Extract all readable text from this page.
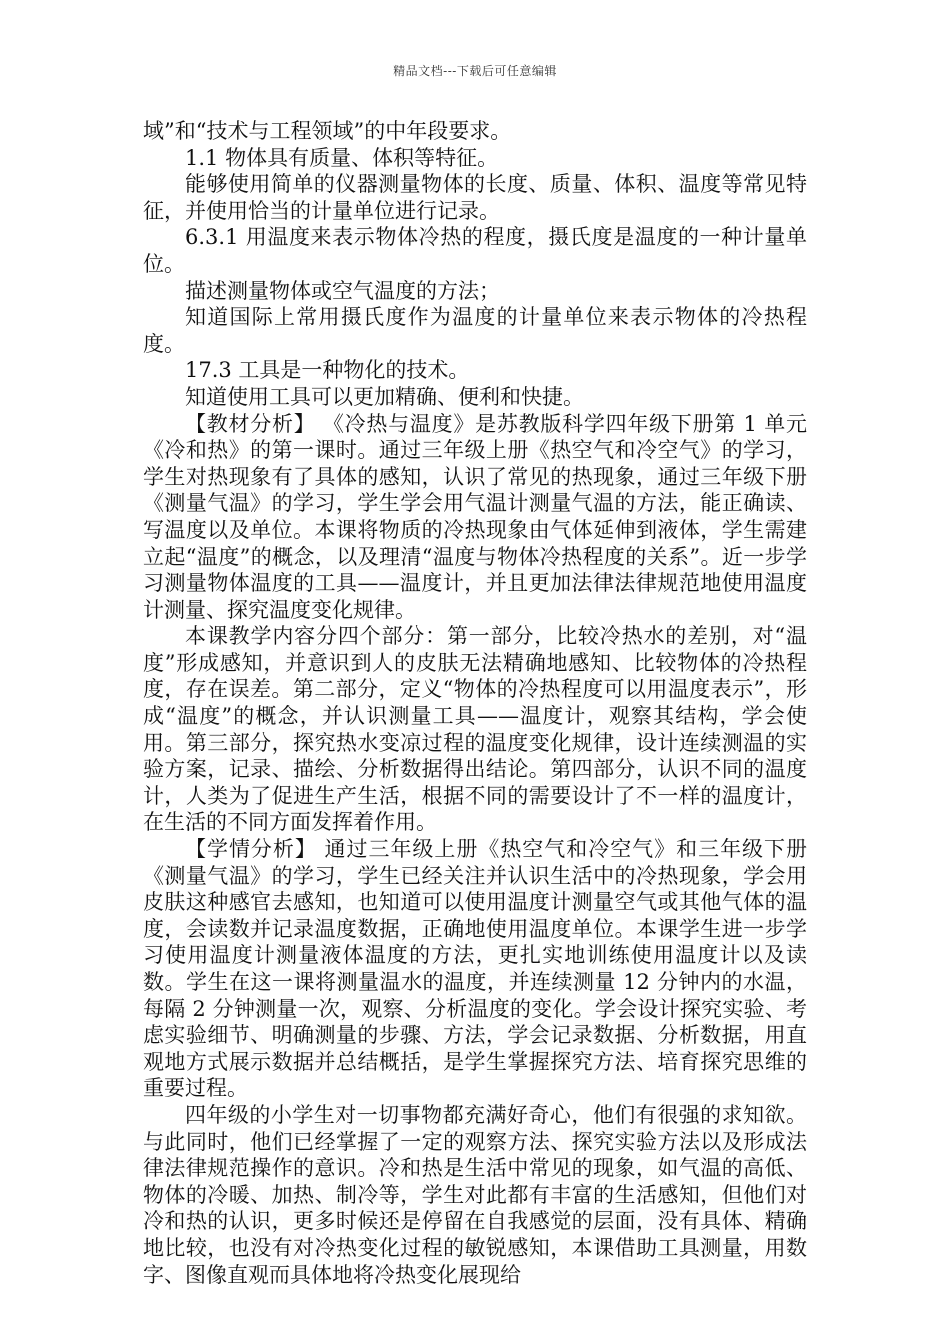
精品文档---下载后可任意编辑

域”和“技术与工程领域”的中年段要求。

1.1 物体具有质量、体积等特征。

能够使用简单的仪器测量物体的长度、质量、体积、温度等常见特征，并使用恰当的计量单位进行记录。

6.3.1 用温度来表示物体冷热的程度，摄氏度是温度的一种计量单位。

描述测量物体或空气温度的方法；

知道国际上常用摄氏度作为温度的计量单位来表示物体的冷热程度。

17.3 工具是一种物化的技术。

知道使用工具可以更加精确、便利和快捷。

【教材分析】 《冷热与温度》是苏教版科学四年级下册第 1 单元《冷和热》的第一课时。通过三年级上册《热空气和冷空气》的学习，学生对热现象有了具体的感知，认识了常见的热现象，通过三年级下册《测量气温》的学习，学生学会用气温计测量气温的方法，能正确读、写温度以及单位。本课将物质的冷热现象由气体延伸到液体，学生需建立起“温度”的概念，以及理清“温度与物体冷热程度的关系”。近一步学习测量物体温度的工具——温度计，并且更加法律法律规范地使用温度计测量、探究温度变化规律。

本课教学内容分四个部分：第一部分，比较冷热水的差别，对“温度”形成感知，并意识到人的皮肤无法精确地感知、比较物体的冷热程度，存在误差。第二部分，定义“物体的冷热程度可以用温度表示”，形成“温度”的概念，并认识测量工具——温度计，观察其结构，学会使用。第三部分，探究热水变凉过程的温度变化规律，设计连续测温的实验方案，记录、描绘、分析数据得出结论。第四部分，认识不同的温度计，人类为了促进生产生活，根据不同的需要设计了不一样的温度计，在生活的不同方面发挥着作用。

【学情分析】 通过三年级上册《热空气和冷空气》和三年级下册《测量气温》的学习，学生已经关注并认识生活中的冷热现象，学会用皮肤这种感官去感知，也知道可以使用温度计测量空气或其他气体的温度，会读数并记录温度数据，正确地使用温度单位。本课学生进一步学习使用温度计测量液体温度的方法，更扎实地训练使用温度计以及读数。学生在这一课将测量温水的温度，并连续测量 12 分钟内的水温，每隔 2 分钟测量一次，观察、分析温度的变化。学会设计探究实验、考虑实验细节、明确测量的步骤、方法，学会记录数据、分析数据，用直观地方式展示数据并总结概括，是学生掌握探究方法、培育探究思维的重要过程。

四年级的小学生对一切事物都充满好奇心，他们有很强的求知欲。与此同时，他们已经掌握了一定的观察方法、探究实验方法以及形成法律法律规范操作的意识。冷和热是生活中常见的现象，如气温的高低、物体的冷暖、加热、制冷等，学生对此都有丰富的生活感知，但他们对冷和热的认识，更多时候还是停留在自我感觉的层面，没有具体、精确地比较，也没有对冷热变化过程的敏锐感知，本课借助工具测量，用数字、图像直观而具体地将冷热变化展现给
